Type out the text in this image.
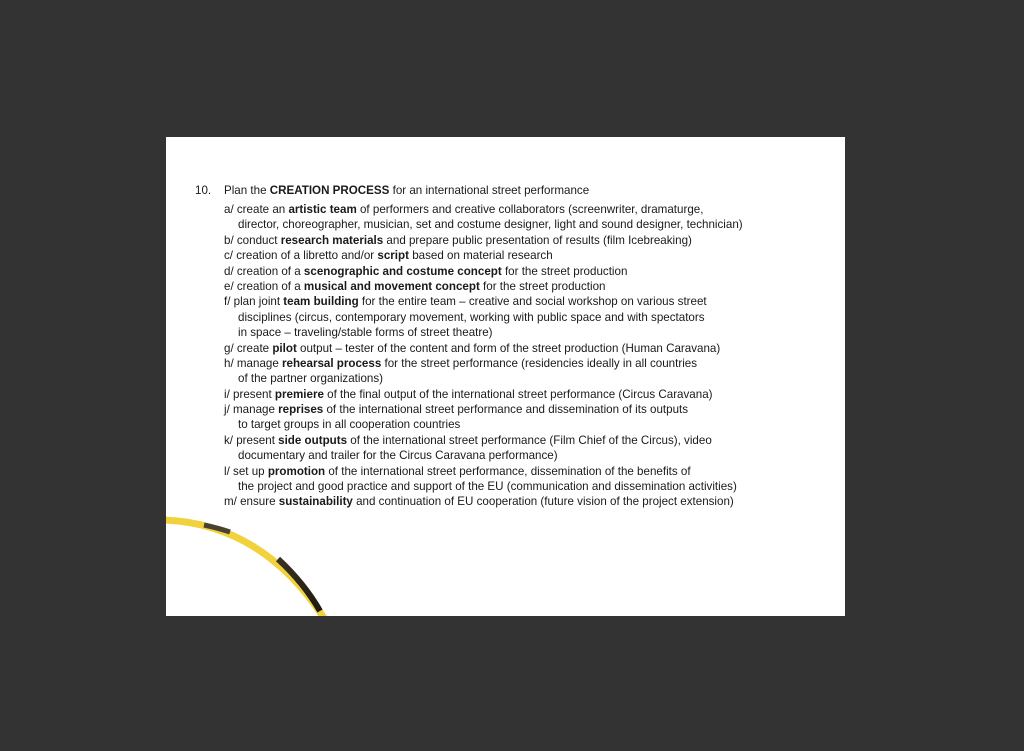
10. Plan the CREATION PROCESS for an international street performance
a/ create an artistic team of performers and creative collaborators (screenwriter, dramaturge,
director, choreographer, musician, set and costume designer, light and sound designer, technician)
b/ conduct research materials and prepare public presentation of results (film Icebreaking)
c/ creation of a libretto and/or script based on material research
d/ creation of a scenographic and costume concept for the street production
e/ creation of a musical and movement concept for the street production
f/ plan joint team building for the entire team – creative and social workshop on various street
disciplines (circus, contemporary movement, working with public space and with spectators
in space – traveling/stable forms of street theatre)
g/ create pilot output – tester of the content and form of the street production (Human Caravana)
h/ manage rehearsal process for the street performance (residencies ideally in all countries
of the partner organizations)
i/ present premiere of the final output of the international street performance (Circus Caravana)
j/ manage reprises of the international street performance and dissemination of its outputs
to target groups in all cooperation countries
k/ present side outputs of the international street performance (Film Chief of the Circus), video
documentary and trailer for the Circus Caravana performance)
l/ set up promotion of the international street performance, dissemination of the benefits of
the project and good practice and support of the EU (communication and dissemination activities)
m/ ensure sustainability and continuation of EU cooperation (future vision of the project extension)
